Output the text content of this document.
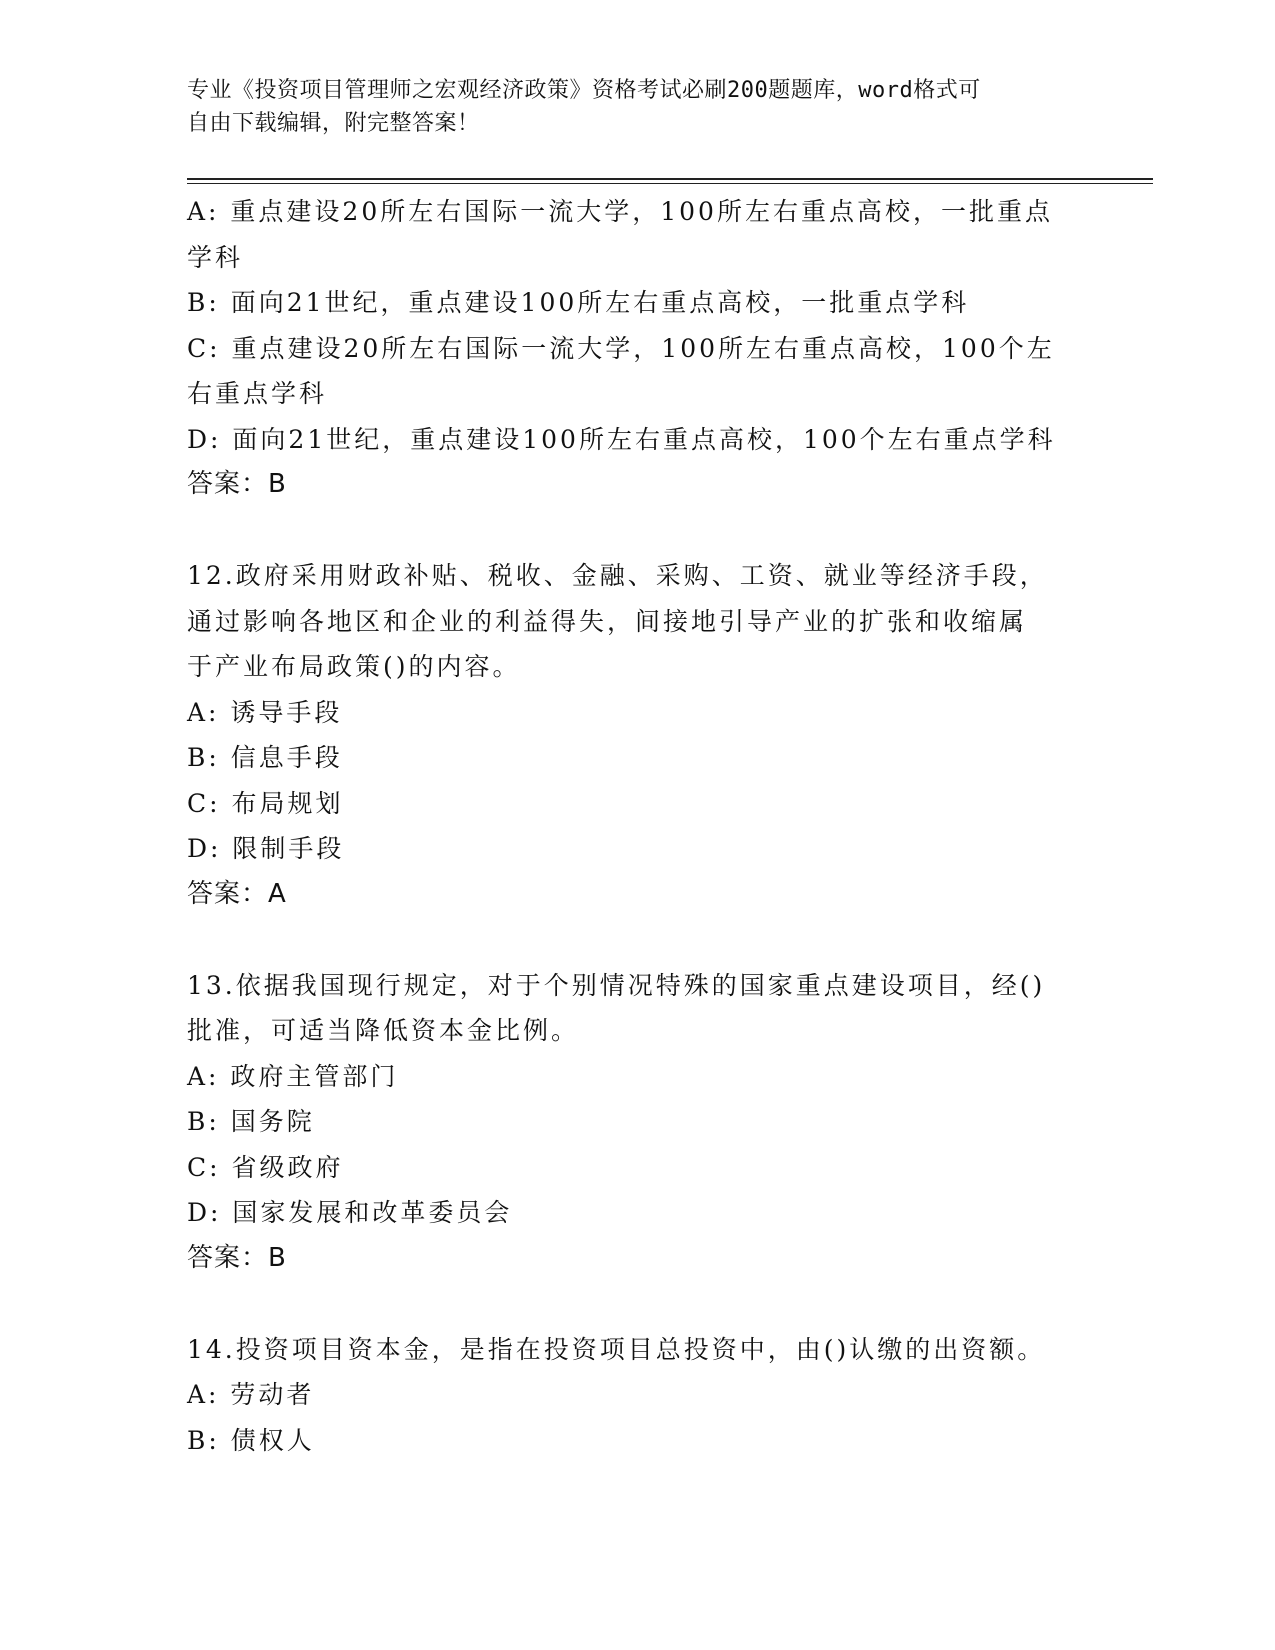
专业《投资项目管理师之宏观经济政策》资格考试必刷200题题库，word格式可
自由下载编辑，附完整答案！

A: 重点建设20所左右国际一流大学，100所左右重点高校，一批重点

学科

B: 面向21世纪，重点建设100所左右重点高校，一批重点学科

C: 重点建设20所左右国际一流大学，100所左右重点高校，100个左

右重点学科

D: 面向21世纪，重点建设100所左右重点高校，100个左右重点学科

答案：B

12.政府采用财政补贴、税收、金融、采购、工资、就业等经济手段，

通过影响各地区和企业的利益得失，间接地引导产业的扩张和收缩属

于产业布局政策()的内容。

A: 诱导手段

B: 信息手段

C: 布局规划

D: 限制手段

答案：A

13.依据我国现行规定，对于个别情况特殊的国家重点建设项目，经()

批准，可适当降低资本金比例。

A: 政府主管部门

B: 国务院

C: 省级政府

D: 国家发展和改革委员会

答案：B

14.投资项目资本金，是指在投资项目总投资中，由()认缴的出资额。

A: 劳动者

B: 债权人
